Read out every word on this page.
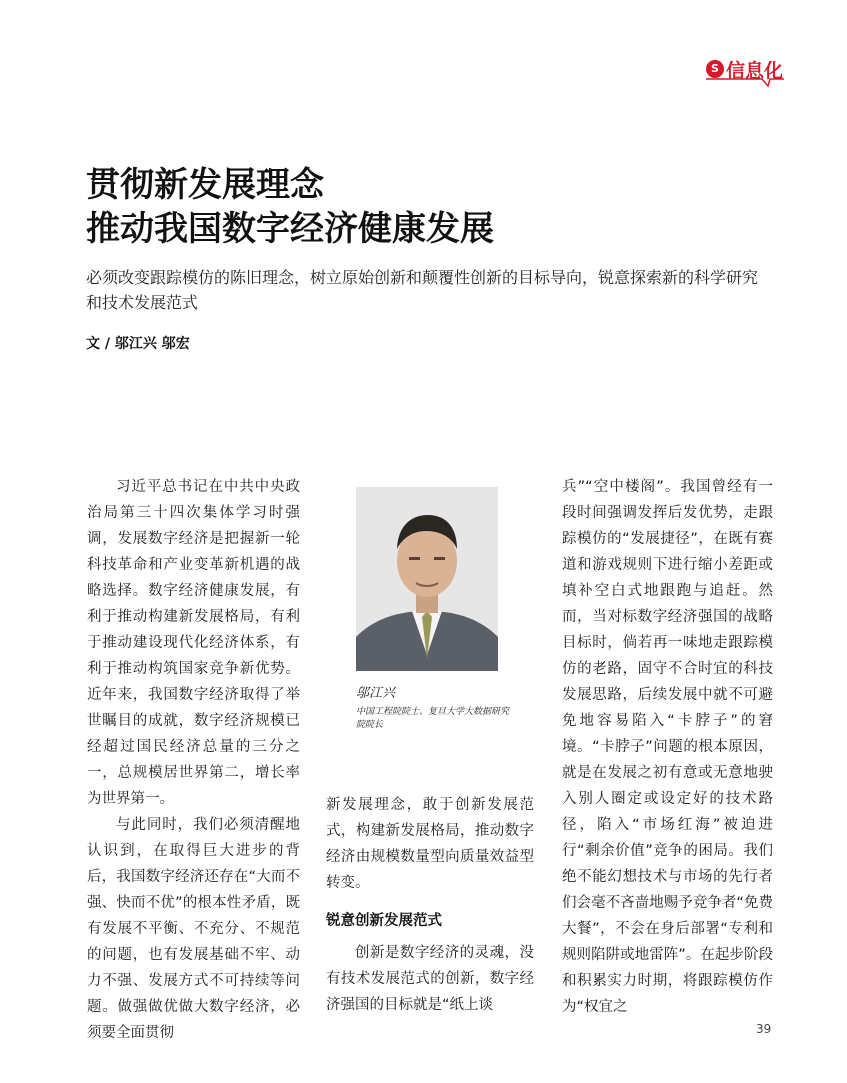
S 信息化
贯彻新发展理念
推动我国数字经济健康发展

必须改变跟踪模仿的陈旧理念，树立原始创新和颠覆性创新的目标导向，锐意探索新的科学研究和技术发展范式

文 / 邬江兴 邬宏

习近平总书记在中共中央政治局第三十四次集体学习时强调，发展数字经济是把握新一轮科技革命和产业变革新机遇的战略选择。数字经济健康发展，有利于推动构建新发展格局，有利于推动建设现代化经济体系，有利于推动构筑国家竞争新优势。近年来，我国数字经济取得了举世瞩目的成就，数字经济规模已经超过国民经济总量的三分之一，总规模居世界第二，增长率为世界第一。

与此同时，我们必须清醒地认识到，在取得巨大进步的背后，我国数字经济还存在“大而不强、快而不优”的根本性矛盾，既有发展不平衡、不充分、不规范的问题，也有发展基础不牢、动力不强、发展方式不可持续等问题。做强做优做大数字经济，必须要全面贯彻

邬江兴
中国工程院院士、复旦大学大数据研究院院长

新发展理念，敢于创新发展范式，构建新发展格局，推动数字经济由规模数量型向质量效益型转变。

锐意创新发展范式

创新是数字经济的灵魂，没有技术发展范式的创新，数字经济强国的目标就是“纸上谈

兵”“空中楼阁”。我国曾经有一段时间强调发挥后发优势，走跟踪模仿的“发展捷径”，在既有赛道和游戏规则下进行缩小差距或填补空白式地跟跑与追赶。然而，当对标数字经济强国的战略目标时，倘若再一味地走跟踪模仿的老路，固守不合时宜的科技发展思路，后续发展中就不可避免地容易陷入“卡脖子”的窘境。“卡脖子”问题的根本原因，就是在发展之初有意或无意地驶入别人圈定或设定好的技术路径，陷入“市场红海”被迫进行“剩余价值”竞争的困局。我们绝不能幻想技术与市场的先行者们会毫不吝啬地赐予竞争者“免费大餐”，不会在身后部署“专利和规则陷阱或地雷阵”。在起步阶段和积累实力时期，将跟踪模仿作为“权宜之

39
